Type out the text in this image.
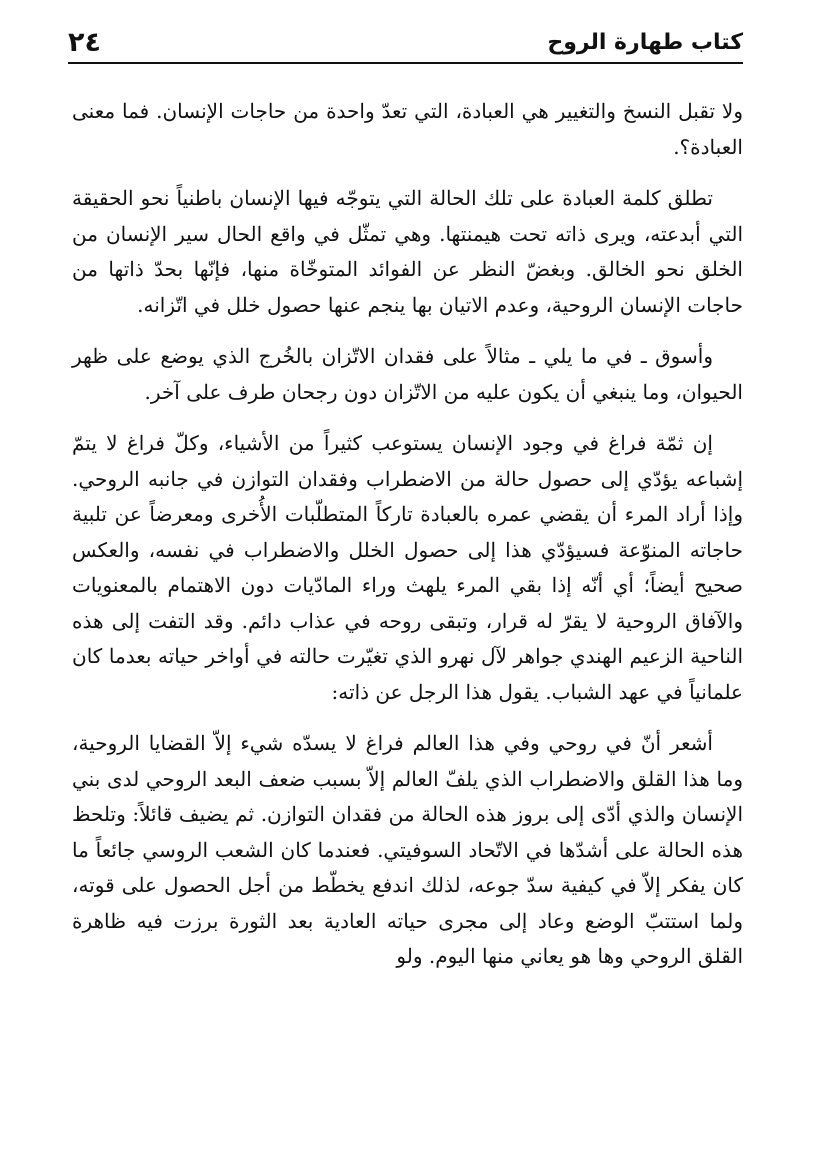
كتاب طهارة الروح
٢٤

ولا تقبل النسخ والتغيير هي العبادة، التي تعدّ واحدة من حاجات الإنسان. فما معنى العبادة؟.

تطلق كلمة العبادة على تلك الحالة التي يتوجّه فيها الإنسان باطنياً نحو الحقيقة التي أبدعته، ويرى ذاته تحت هيمنتها. وهي تمثّل في واقع الحال سير الإنسان من الخلق نحو الخالق. وبغضّ النظر عن الفوائد المتوخّاة منها، فإنّها بحدّ ذاتها من حاجات الإنسان الروحية، وعدم الاتيان بها ينجم عنها حصول خلل في اتّزانه.

وأسوق ـ في ما يلي ـ مثالاً على فقدان الاتّزان بالخُرج الذي يوضع على ظهر الحيوان، وما ينبغي أن يكون عليه من الاتّزان دون رجحان طرف على آخر.

إن ثمّة فراغ في وجود الإنسان يستوعب كثيراً من الأشياء، وكلّ فراغ لا يتمّ إشباعه يؤدّي إلى حصول حالة من الاضطراب وفقدان التوازن في جانبه الروحي. وإذا أراد المرء أن يقضي عمره بالعبادة تاركاً المتطلّبات الأُخرى ومعرضاً عن تلبية حاجاته المنوّعة فسيؤدّي هذا إلى حصول الخلل والاضطراب في نفسه، والعكس صحيح أيضاً؛ أي أنّه إذا بقي المرء يلهث وراء المادّيات دون الاهتمام بالمعنويات والآفاق الروحية لا يقرّ له قرار، وتبقى روحه في عذاب دائم. وقد التفت إلى هذه الناحية الزعيم الهندي جواهر لآل نهرو الذي تغيّرت حالته في أواخر حياته بعدما كان علمانياً في عهد الشباب. يقول هذا الرجل عن ذاته:

أشعر أنّ في روحي وفي هذا العالم فراغ لا يسدّه شيء إلاّ القضايا الروحية، وما هذا القلق والاضطراب الذي يلفّ العالم إلاّ بسبب ضعف البعد الروحي لدى بني الإنسان والذي أدّى إلى بروز هذه الحالة من فقدان التوازن. ثم يضيف قائلاً: وتلحظ هذه الحالة على أشدّها في الاتّحاد السوفيتي. فعندما كان الشعب الروسي جائعاً ما كان يفكر إلاّ في كيفية سدّ جوعه، لذلك اندفع يخطّط من أجل الحصول على قوته، ولما استتبّ الوضع وعاد إلى مجرى حياته العادية بعد الثورة برزت فيه ظاهرة القلق الروحي وها هو يعاني منها اليوم. ولو
